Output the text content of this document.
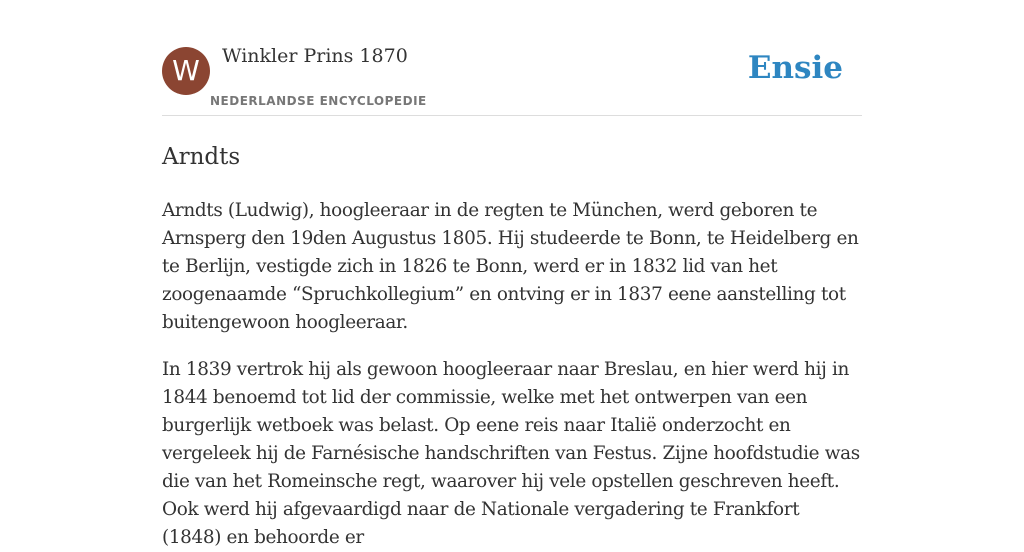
W	Winkler Prins 1870
NEDERLANDSE ENCYCLOPEDIE
Ensie
Arndts

Arndts (Ludwig), hoogleeraar in de regten te München, werd geboren te Arnsperg den 19den Augustus 1805. Hij studeerde te Bonn, te Heidelberg en te Berlijn, vestigde zich in 1826 te Bonn, werd er in 1832 lid van het zoogenaamde “Spruchkollegium” en ontving er in 1837 eene aanstelling tot buitengewoon hoogleeraar.

In 1839 vertrok hij als gewoon hoogleeraar naar Breslau, en hier werd hij in 1844 benoemd tot lid der commissie, welke met het ontwerpen van een burgerlijk wetboek was belast. Op eene reis naar Italië onderzocht en vergeleek hij de Farnésische handschriften van Festus. Zijne hoofdstudie was die van het Romeinsche regt, waarover hij vele opstellen geschreven heeft. Ook werd hij afgevaardigd naar de Nationale vergadering te Frankfort (1848) en behoorde er
